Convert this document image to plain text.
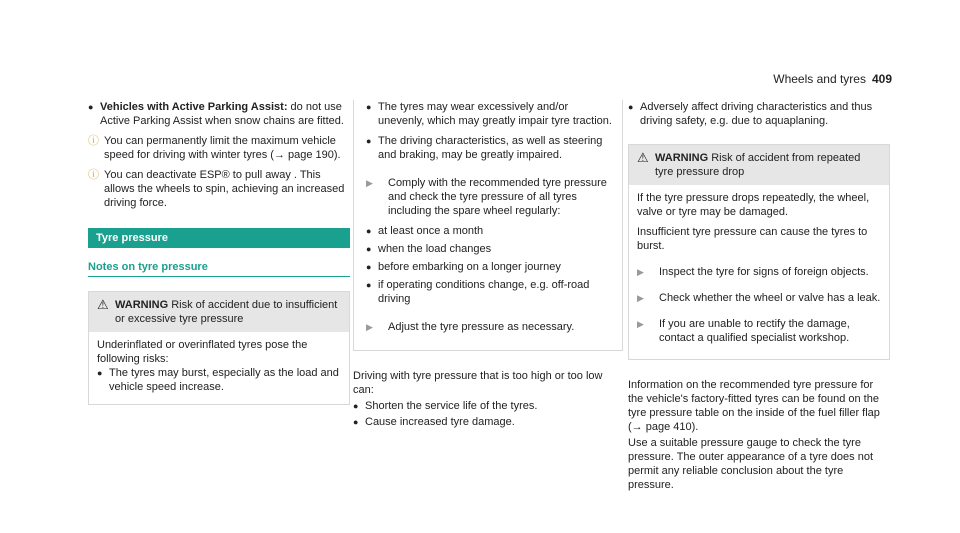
Wheels and tyres 409
● Vehicles with Active Parking Assist: do not use Active Parking Assist when snow chains are fitted.
ⓘ You can permanently limit the maximum vehicle speed for driving with winter tyres (→ page 190).
ⓘ You can deactivate ESP® to pull away . This allows the wheels to spin, achieving an increased driving force.
Tyre pressure
Notes on tyre pressure
⚠ WARNING Risk of accident due to insufficient or excessive tyre pressure

Underinflated or overinflated tyres pose the following risks:

● The tyres may burst, especially as the load and vehicle speed increase.
● The tyres may wear excessively and/or unevenly, which may greatly impair tyre traction.
● The driving characteristics, as well as steering and braking, may be greatly impaired.
▶	Comply with the recommended tyre pressure and check the tyre pressure of all tyres including the spare wheel regularly:
● at least once a month
● when the load changes
● before embarking on a longer journey
● if operating conditions change, e.g. off-road driving
▶	Adjust the tyre pressure as necessary.

Driving with tyre pressure that is too high or too low can:

● Shorten the service life of the tyres.
● Cause increased tyre damage.
● Adversely affect driving characteristics and thus driving safety, e.g. due to aquaplaning.
⚠ WARNING Risk of accident from repeated tyre pressure drop

If the tyre pressure drops repeatedly, the wheel, valve or tyre may be damaged.

Insufficient tyre pressure can cause the tyres to burst.

▶	Inspect the tyre for signs of foreign objects.
▶	Check whether the wheel or valve has a leak.
▶	If you are unable to rectify the damage, contact a qualified specialist workshop.

Information on the recommended tyre pressure for the vehicle's factory-fitted tyres can be found on the tyre pressure table on the inside of the fuel filler flap (→ page 410).

Use a suitable pressure gauge to check the tyre pressure. The outer appearance of a tyre does not permit any reliable conclusion about the tyre pressure.
